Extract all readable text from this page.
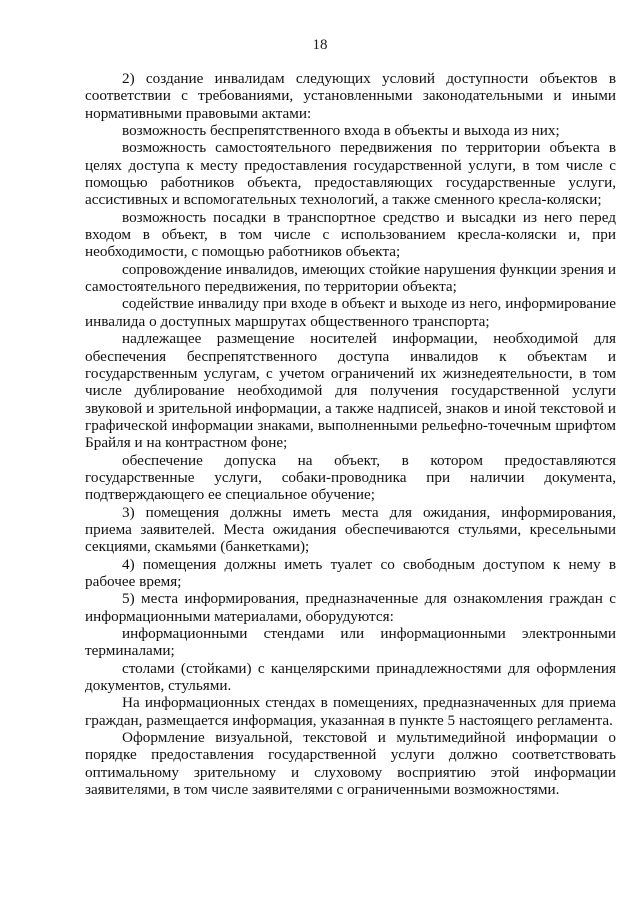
18

2) создание инвалидам следующих условий доступности объектов в соответствии с требованиями, установленными законодательными и иными нормативными правовыми актами:

возможность беспрепятственного входа в объекты и выхода из них;

возможность самостоятельного передвижения по территории объекта в целях доступа к месту предоставления государственной услуги, в том числе с помощью работников объекта, предоставляющих государственные услуги, ассистивных и вспомогательных технологий, а также сменного кресла-коляски;

возможность посадки в транспортное средство и высадки из него перед входом в объект, в том числе с использованием кресла-коляски и, при необходимости, с помощью работников объекта;

сопровождение инвалидов, имеющих стойкие нарушения функции зрения и самостоятельного передвижения, по территории объекта;

содействие инвалиду при входе в объект и выходе из него, информирование инвалида о доступных маршрутах общественного транспорта;

надлежащее размещение носителей информации, необходимой для обеспечения беспрепятственного доступа инвалидов к объектам и государственным услугам, с учетом ограничений их жизнедеятельности, в том числе дублирование необходимой для получения государственной услуги звуковой и зрительной информации, а также надписей, знаков и иной текстовой и графической информации знаками, выполненными рельефно-точечным шрифтом Брайля и на контрастном фоне;

обеспечение допуска на объект, в котором предоставляются государственные услуги, собаки-проводника при наличии документа, подтверждающего ее специальное обучение;

3) помещения должны иметь места для ожидания, информирования, приема заявителей. Места ожидания обеспечиваются стульями, кресельными секциями, скамьями (банкетками);

4) помещения должны иметь туалет со свободным доступом к нему в рабочее время;

5) места информирования, предназначенные для ознакомления граждан с информационными материалами, оборудуются:

информационными стендами или информационными электронными терминалами;

столами (стойками) с канцелярскими принадлежностями для оформления документов, стульями.

На информационных стендах в помещениях, предназначенных для приема граждан, размещается информация, указанная в пункте 5 настоящего регламента.

Оформление визуальной, текстовой и мультимедийной информации о порядке предоставления государственной услуги должно соответствовать оптимальному зрительному и слуховому восприятию этой информации заявителями, в том числе заявителями с ограниченными возможностями.
